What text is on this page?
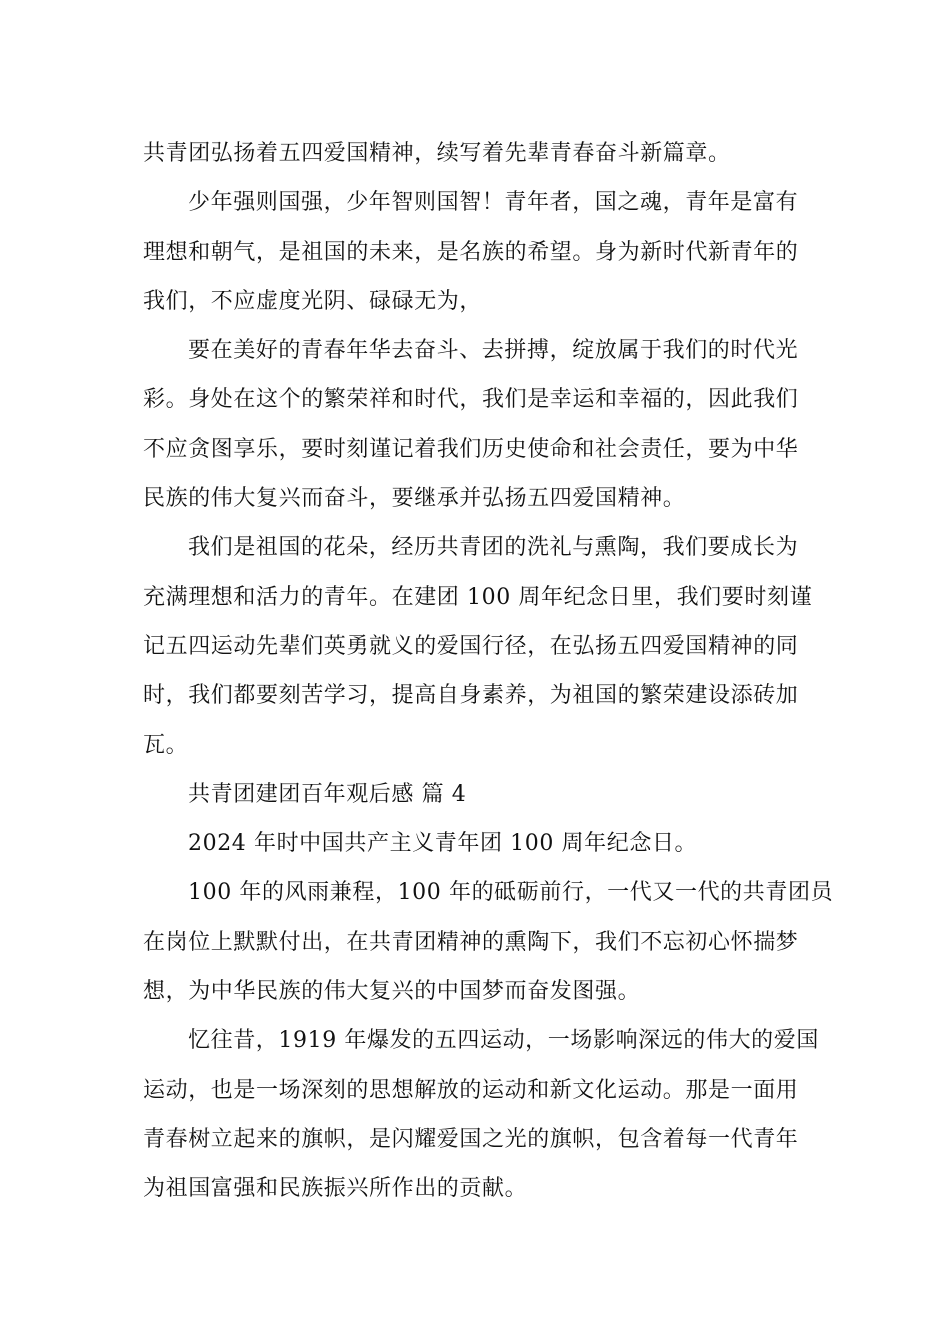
共青团弘扬着五四爱国精神，续写着先辈青春奋斗新篇章。
少年强则国强，少年智则国智！青年者，国之魂，青年是富有
理想和朝气，是祖国的未来，是名族的希望。身为新时代新青年的
我们，不应虚度光阴、碌碌无为，
要在美好的青春年华去奋斗、去拼搏，绽放属于我们的时代光
彩。身处在这个的繁荣祥和时代，我们是幸运和幸福的，因此我们
不应贪图享乐，要时刻谨记着我们历史使命和社会责任，要为中华
民族的伟大复兴而奋斗，要继承并弘扬五四爱国精神。
我们是祖国的花朵，经历共青团的洗礼与熏陶，我们要成长为
充满理想和活力的青年。在建团 100 周年纪念日里，我们要时刻谨
记五四运动先辈们英勇就义的爱国行径，在弘扬五四爱国精神的同
时，我们都要刻苦学习，提高自身素养，为祖国的繁荣建设添砖加
瓦。
共青团建团百年观后感 篇 4
2024 年时中国共产主义青年团 100 周年纪念日。
100 年的风雨兼程，100 年的砥砺前行，一代又一代的共青团员
在岗位上默默付出，在共青团精神的熏陶下，我们不忘初心怀揣梦
想，为中华民族的伟大复兴的中国梦而奋发图强。
忆往昔，1919 年爆发的五四运动，一场影响深远的伟大的爱国
运动，也是一场深刻的思想解放的运动和新文化运动。那是一面用
青春树立起来的旗帜，是闪耀爱国之光的旗帜，包含着每一代青年
为祖国富强和民族振兴所作出的贡献。
